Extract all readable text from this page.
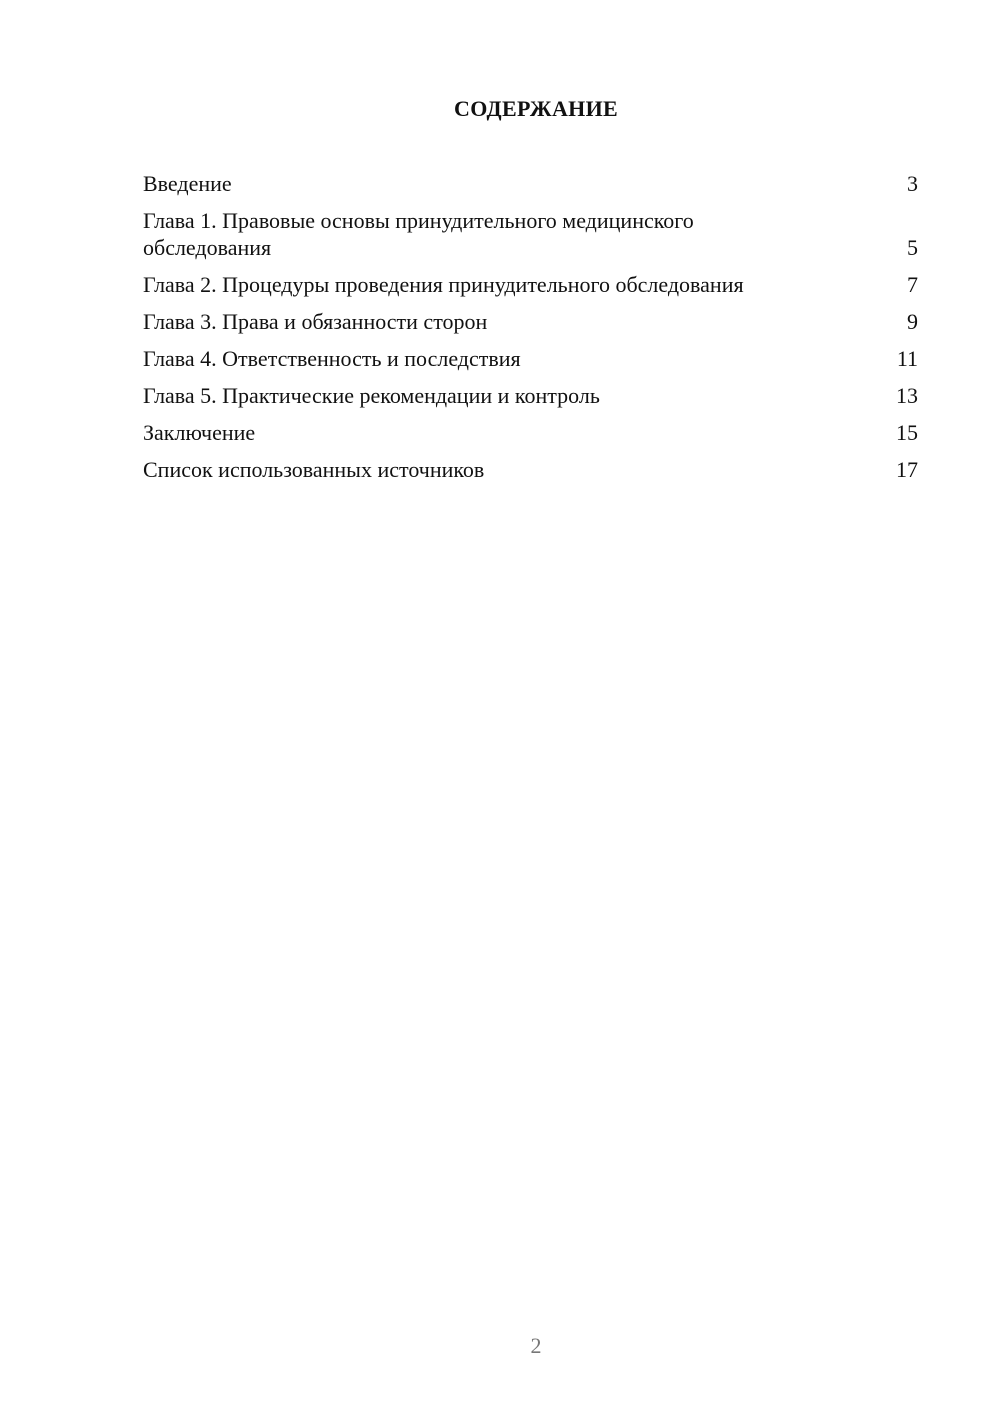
СОДЕРЖАНИЕ
Введение	3
Глава 1. Правовые основы принудительного медицинского обследования	5
Глава 2. Процедуры проведения принудительного обследования	7
Глава 3. Права и обязанности сторон	9
Глава 4. Ответственность и последствия	11
Глава 5. Практические рекомендации и контроль	13
Заключение	15
Список использованных источников	17
2
